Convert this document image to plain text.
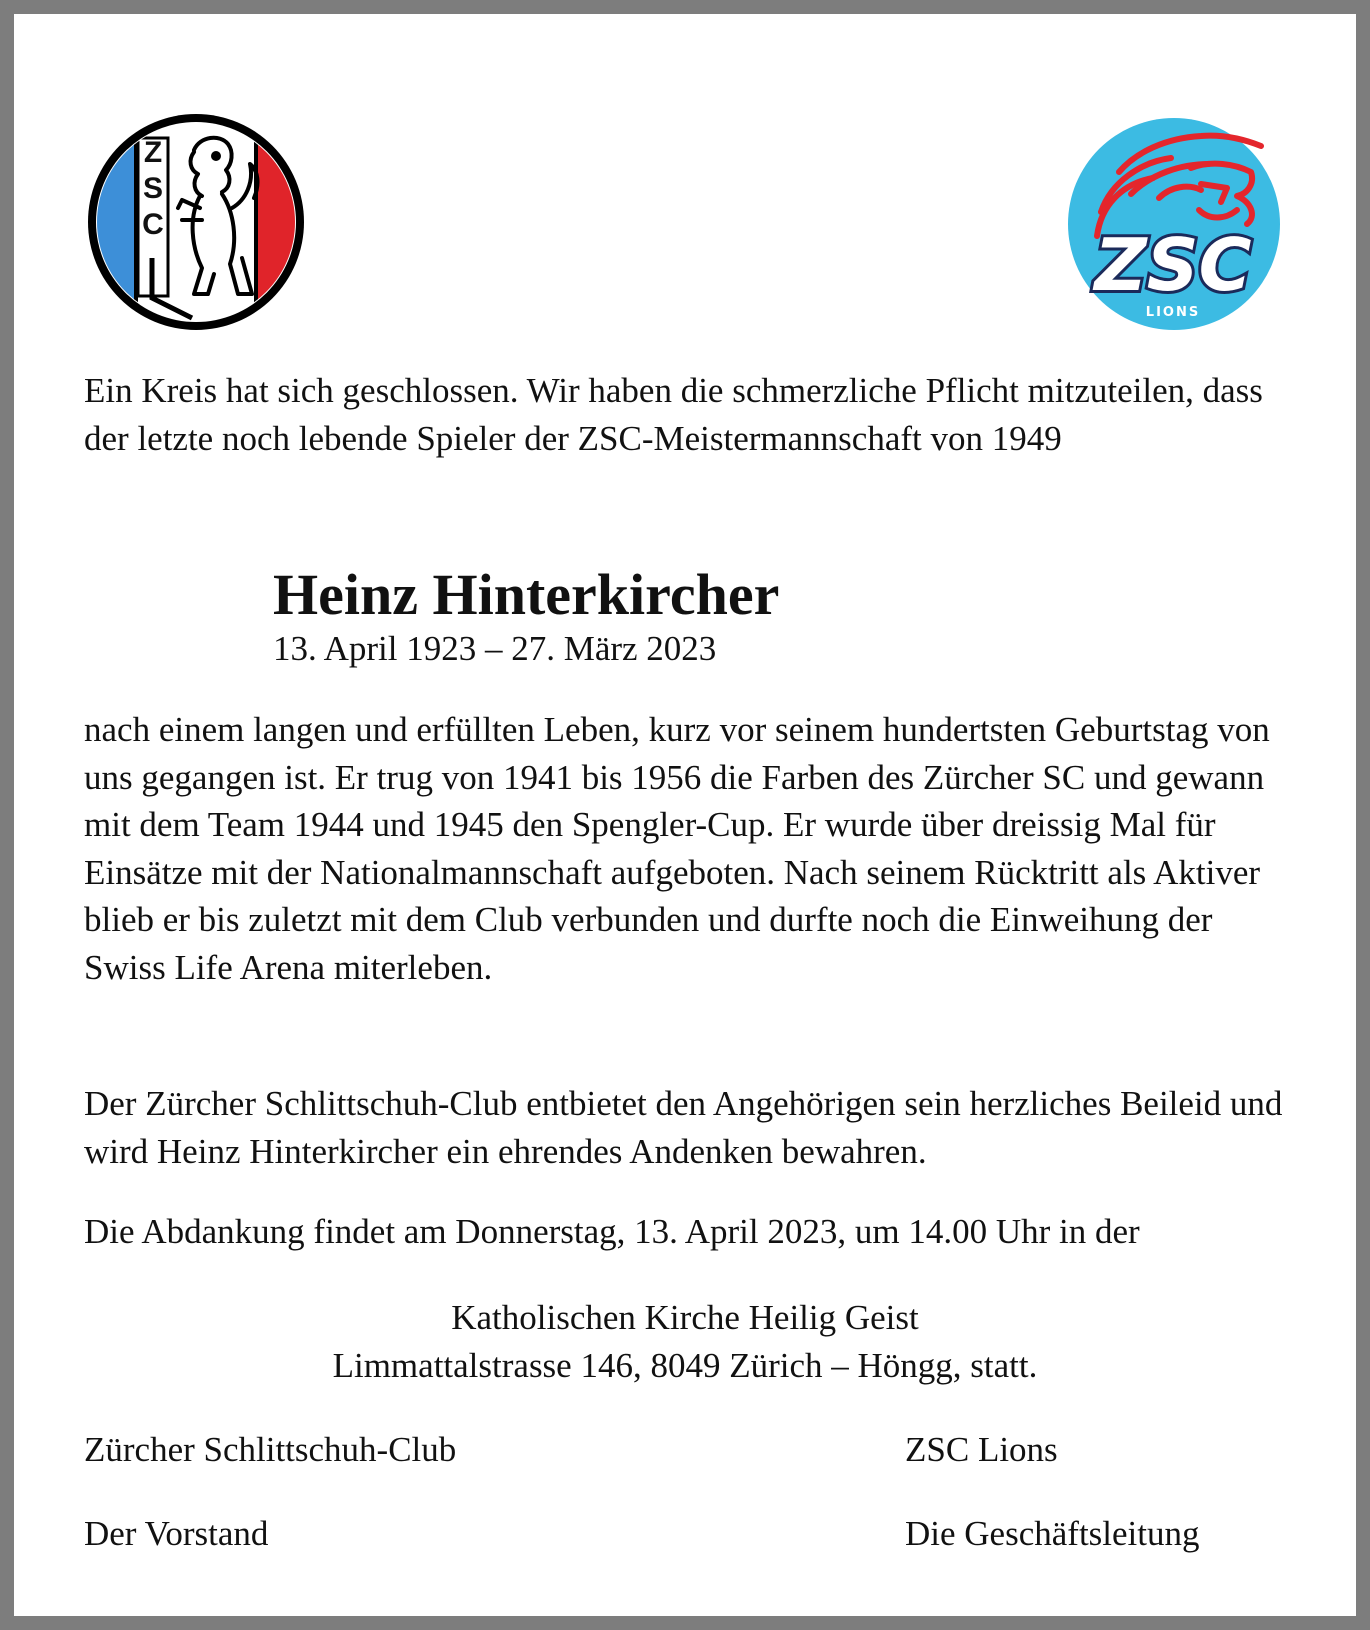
Z
S
C	ZSC
LIONS

Ein Kreis hat sich geschlossen. Wir haben die schmerzliche Pflicht mitzuteilen, dass der letzte noch lebende Spieler der ZSC-Meistermannschaft von 1949

Heinz Hinterkircher
13. April 1923 – 27. März 2023

nach einem langen und erfüllten Leben, kurz vor seinem hundertsten Geburtstag von uns gegangen ist. Er trug von 1941 bis 1956 die Farben des Zürcher SC und gewann mit dem Team 1944 und 1945 den Spengler-Cup. Er wurde über dreissig Mal für Einsätze mit der Nationalmannschaft aufgeboten. Nach seinem Rücktritt als Aktiver blieb er bis zuletzt mit dem Club verbunden und durfte noch die Einweihung der Swiss Life Arena miterleben.

Der Zürcher Schlittschuh-Club entbietet den Angehörigen sein herzliches Beileid und wird Heinz Hinterkircher ein ehrendes Andenken bewahren.

Die Abdankung findet am Donnerstag, 13. April 2023, um 14.00 Uhr in der

Katholischen Kirche Heilig Geist
Limmattalstrasse 146, 8049 Zürich – Höngg, statt.
Zürcher Schlittschuh-Club	ZSC Lions
Der Vorstand	Die Geschäftsleitung
